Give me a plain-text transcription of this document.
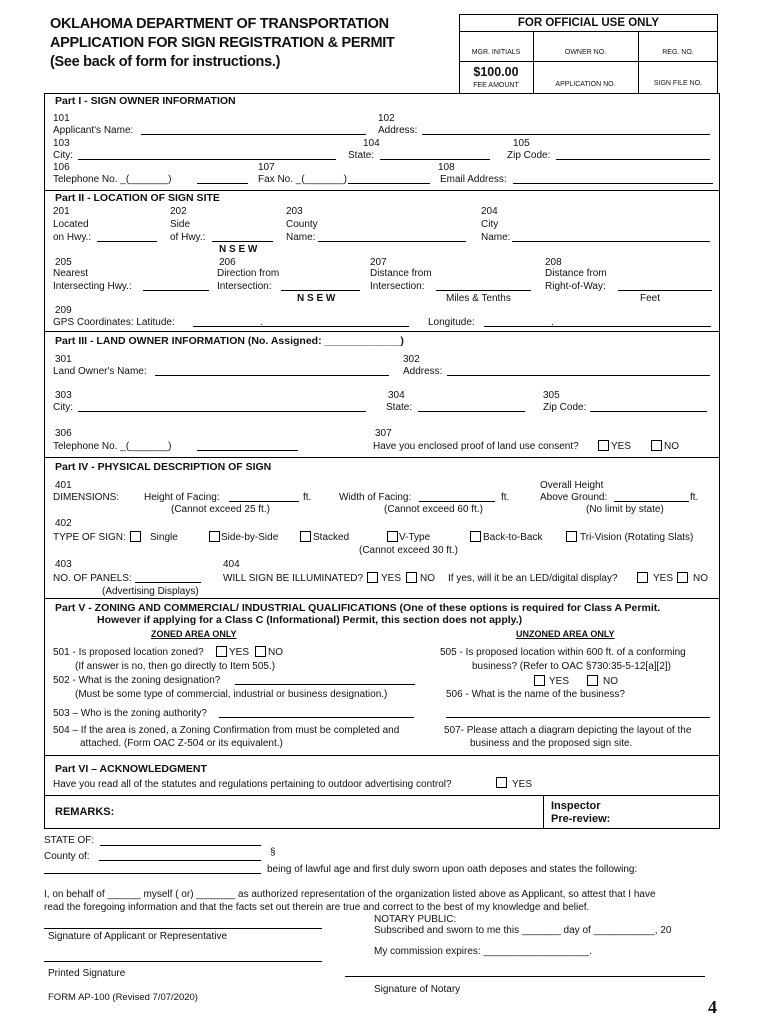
OKLAHOMA DEPARTMENT OF TRANSPORTATION
APPLICATION FOR SIGN REGISTRATION & PERMIT
(See back of form for instructions.)
FOR OFFICIAL USE ONLY
MGR. INITIALS	OWNER NO.	REG. NO.
$100.00
FEE AMOUNT	APPLICATION NO.	SIGN FILE NO.
Part I - SIGN OWNER INFORMATION
101
Applicant's Name:
102
Address:
103
City:
104
State:
105
Zip Code:
106
Telephone No. _(_______)
107
Fax No. _(_______)
108
Email Address:
Part II - LOCATION OF SIGN SITE
201
Located
on Hwy.:
202
Side
of Hwy.:
N S E W
203
County
Name:
204
City
Name:
205
Nearest
Intersecting Hwy.:
206
Direction from
Intersection:
N S E W
207
Distance from
Intersection:
Miles & Tenths
208
Distance from
Right-of-Way:
Feet
209
GPS Coordinates: Latitude:	.	Longitude:	.
Part III - LAND OWNER INFORMATION (No. Assigned: _____________)
301
Land Owner's Name:
302
Address:
303
City:
304
State:
305
Zip Code:
306
Telephone No. _(_______)
307
Have you enclosed proof of land use consent?	YES	NO
Part IV - PHYSICAL DESCRIPTION OF SIGN
401
DIMENSIONS: Height of Facing:	ft.
(Cannot exceed 25 ft.)
Width of Facing:	ft.
(Cannot exceed 60 ft.)
Overall Height
Above Ground:	ft.
(No limit by state)
402
TYPE OF SIGN: Single	Side-by-Side	Stacked	V-Type	Back-to-Back	Tri-Vision (Rotating Slats)
(Cannot exceed 30 ft.)
403
NO. OF PANELS:
(Advertising Displays)
404
WILL SIGN BE ILLUMINATED? YES NO If yes, will it be an LED/digital display?	YES NO
Part V - ZONING AND COMMERCIAL/ INDUSTRIAL QUALIFICATIONS (One of these options is required for Class A Permit.
However if applying for a Class C (Informational) Permit, this section does not apply.)
ZONED AREA ONLY	UNZONED AREA ONLY
501 - Is proposed location zoned?	YES NO
(If answer is no, then go directly to Item 505.)
502 - What is the zoning designation?
(Must be some type of commercial, industrial or business designation.)
503 – Who is the zoning authority?
504 – If the area is zoned, a Zoning Confirmation from must be completed and
attached. (Form OAC Z-504 or its equivalent.)
505 - Is proposed location within 600 ft. of a conforming
business? (Refer to OAC §730:35-5-12[a][2])
YES	NO
506 - What is the name of the business?
507- Please attach a diagram depicting the layout of the
business and the proposed sign site.
Part VI – ACKNOWLEDGMENT
Have you read all of the statutes and regulations pertaining to outdoor advertising control?	YES
REMARKS:	Inspector
Pre-review:
STATE OF:
§
County of:
being of lawful age and first duly sworn upon oath deposes and states the following:
I, on behalf of ______ myself ( or) _______ as authorized representation of the organization listed above as Applicant, so attest that I have
read the foregoing information and that the facts set out therein are true and correct to the best of my knowledge and belief.
NOTARY PUBLIC:
Subscribed and sworn to me this _______ day of ___________, 20
My commission expires: ___________________.
Signature of Applicant or Representative
Printed Signature
Signature of Notary
FORM AP-100 (Revised 7/07/2020)	4
